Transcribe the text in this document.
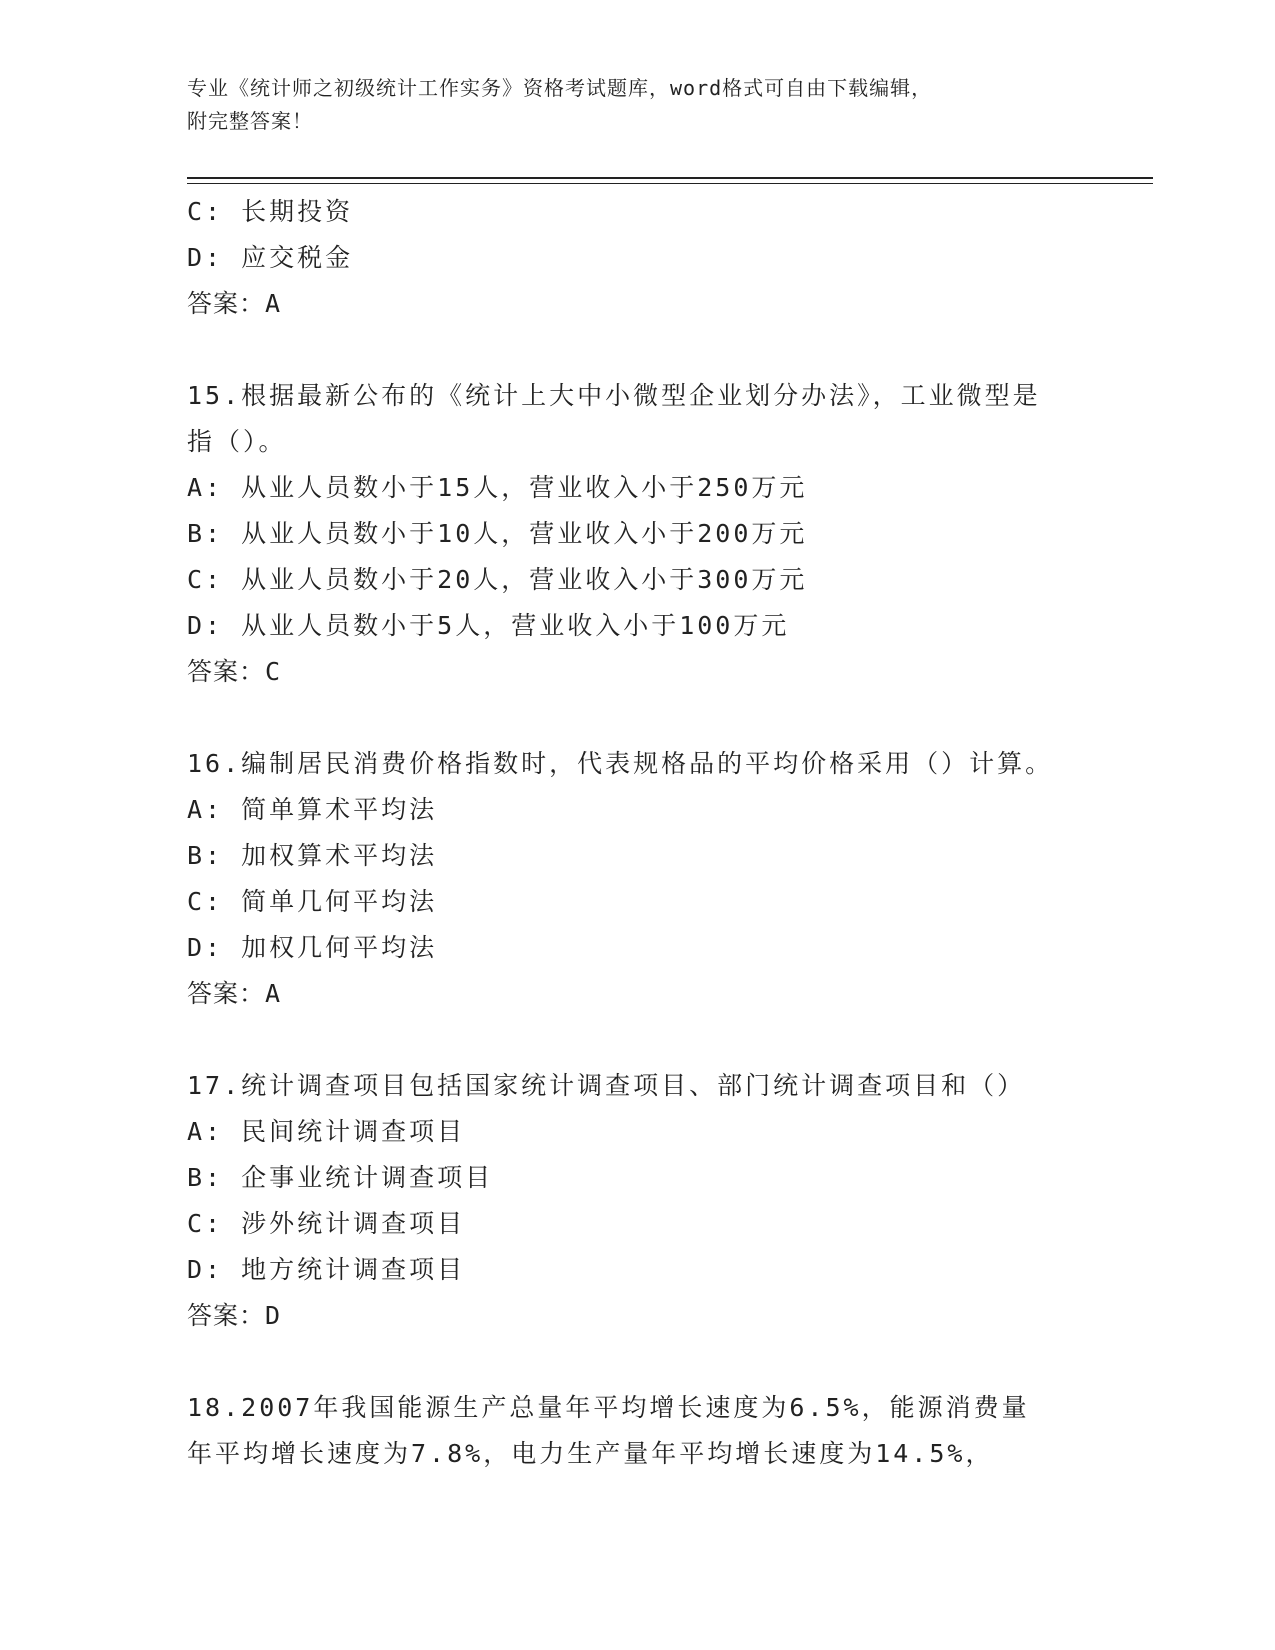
专业《统计师之初级统计工作实务》资格考试题库，word格式可自由下载编辑，
附完整答案！
C: 长期投资
D: 应交税金
答案：A
15.根据最新公布的《统计上大中小微型企业划分办法》，工业微型是
指（）。
A: 从业人员数小于15人，营业收入小于250万元
B: 从业人员数小于10人，营业收入小于200万元
C: 从业人员数小于20人，营业收入小于300万元
D: 从业人员数小于5人，营业收入小于100万元
答案：C
16.编制居民消费价格指数时，代表规格品的平均价格采用（）计算。
A: 简单算术平均法
B: 加权算术平均法
C: 简单几何平均法
D: 加权几何平均法
答案：A
17.统计调查项目包括国家统计调查项目、部门统计调查项目和（）
A: 民间统计调查项目
B: 企事业统计调查项目
C: 涉外统计调查项目
D: 地方统计调查项目
答案：D
18.2007年我国能源生产总量年平均增长速度为6.5%，能源消费量
年平均增长速度为7.8%，电力生产量年平均增长速度为14.5%，
